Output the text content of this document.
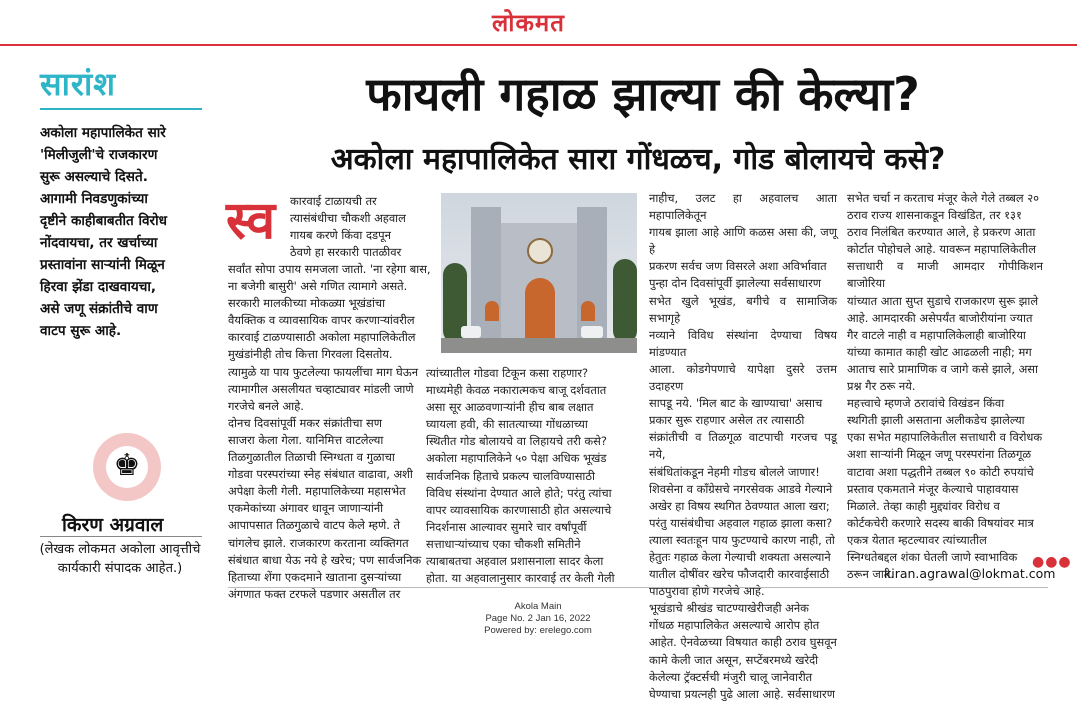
लोकमत
सारांश
अकोला महापालिकेत सारे
'मिलीजुली'चे राजकारण
सुरू असल्याचे दिसते.
आगामी निवडणुकांच्या
दृष्टीने काहीबाबतीत विरोध
नोंदवायचा, तर खर्चाच्या
प्रस्तावांना साऱ्यांनी मिळून
हिरवा झेंडा दाखवायचा,
असे जणू संक्रांतीचे वाण
वाटप सुरू आहे.
♚
किरण अग्रवाल
(लेखक लोकमत अकोला आवृत्तीचे
कार्यकारी संपादक आहेत.)
फायली गहाळ झाल्या की केल्या?
अकोला महापालिकेत सारा गोंधळच, गोड बोलायचे कसे?
स्व कारवाई टाळायची तर
त्यासंबंधीचा चौकशी अहवाल
गायब करणे किंवा दडपून
ठेवणे हा सरकारी पातळीवर
सर्वांत सोपा उपाय समजला जातो. 'ना रहेगा बास,
ना बजेगी बासुरी' असे गणित त्यामागे असते.
सरकारी मालकीच्या मोकळ्या भूखंडांचा
वैयक्तिक व व्यावसायिक वापर करणाऱ्यांवरील
कारवाई टाळण्यासाठी अकोला महापालिकेतील
मुखंडांनीही तोच कित्ता गिरवला दिसतोय.
त्यामुळे या पाय फुटलेल्या फायलींचा माग घेऊन
त्यामागील असलीयत चव्हाट्यावर मांडली जाणे
गरजेचे बनले आहे.
दोनच दिवसांपूर्वी मकर संक्रांतीचा सण
साजरा केला गेला. यानिमित्त वाटलेल्या
तिळगुळातील तिळाची स्निग्धता व गुळाचा
गोडवा परस्परांच्या स्नेह संबंधात वाढावा, अशी
अपेक्षा केली गेली. महापालिकेच्या महासभेत
एकमेकांच्या अंगावर धावून जाणाऱ्यांनी
आपापसात तिळगुळाचे वाटप केले म्हणे. ते
चांगलेच झाले. राजकारण करताना व्यक्तिगत
संबंधात बाधा येऊ नये हे खरेच; पण सार्वजनिक
हिताच्या शेंगा एकदमाने खाताना दुसऱ्यांच्या
अंगणात फक्त टरफले पडणार असतील तर
त्यांच्यातील गोडवा टिकून कसा राहणार?
माध्यमेही केवळ नकारात्मकच बाजू दर्शवतात
असा सूर आळवणाऱ्यांनी हीच बाब लक्षात
घ्यायला हवी, की सातत्याच्या गोंधळाच्या
स्थितीत गोड बोलायचे वा लिहायचे तरी कसे?
अकोला महापालिकेने ५० पेक्षा अधिक भूखंड
सार्वजनिक हिताचे प्रकल्प चालविण्यासाठी
विविध संस्थांना देण्यात आले होते; परंतु त्यांचा
वापर व्यावसायिक कारणासाठी होत असल्याचे
निदर्शनास आल्यावर सुमारे चार वर्षांपूर्वी
सत्ताधाऱ्यांच्याच एका चौकशी समितीने
त्याबाबतचा अहवाल प्रशासनाला सादर केला
होता. या अहवालानुसार कारवाई तर केली गेली
नाहीच, उलट हा अहवालच आता महापालिकेतून
गायब झाला आहे आणि कळस असा की, जणू हे
प्रकरण सर्वच जण विसरले अशा अविर्भावात
पुन्हा दोन दिवसांपूर्वी झालेल्या सर्वसाधारण
सभेत खुले भूखंड, बगीचे व सामाजिक सभागृहे
नव्याने विविध संस्थांना देण्याचा विषय मांडण्यात
आला. कोडगेपणाचे यापेक्षा दुसरे उत्तम उदाहरण
सापडू नये. 'मिल बाट के खाण्याचा' असाच
प्रकार सुरू राहणार असेल तर त्यासाठी
संक्रांतीची व तिळगूळ वाटपाची गरजच पडू नये,
संबंधितांकडून नेहमी गोडच बोलले जाणार!
शिवसेना व काँग्रेसचे नगरसेवक आडवे गेल्याने
अखेर हा विषय स्थगित ठेवण्यात आला खरा;
परंतु यासंबंधीचा अहवाल गहाळ झाला कसा?
त्याला स्वतःहून पाय फुटण्याचे कारण नाही, तो
हेतुतः गहाळ केला गेल्याची शक्यता असल्याने
यातील दोषींवर खरेच फौजदारी कारवाईसाठी
पाठपुरावा होणे गरजेचे आहे.
भूखंडाचे श्रीखंड चाटण्याखेरीजही अनेक
गोंधळ महापालिकेत असल्याचे आरोप होत
आहेत. ऐनवेळच्या विषयात काही ठराव घुसवून
कामे केली जात असून, सप्टेंबरमध्ये खरेदी
केलेल्या ट्रॅक्टर्सची मंजुरी चालू जानेवारीत
घेण्याचा प्रयत्नही पुढे आला आहे. सर्वसाधारण
सभेत चर्चा न करताच मंजूर केले गेले तब्बल २०
ठराव राज्य शासनाकडून विखंडित, तर १३१
ठराव निलंबित करण्यात आले, हे प्रकरण आता
कोर्टात पोहोचले आहे. यावरून महापालिकेतील
सत्ताधारी व माजी आमदार गोपीकिशन बाजोरिया
यांच्यात आता सुप्त सुडाचे राजकारण सुरू झाले
आहे. आमदारकी असेपर्यंत बाजोरीयांना ज्यात
गैर वाटले नाही व महापालिकेलाही बाजोरिया
यांच्या कामात काही खोट आढळली नाही; मग
आताच सारे प्रामाणिक व जागे कसे झाले, असा
प्रश्न गैर ठरू नये.
महत्त्वाचे म्हणजे ठरावांचे विखंडन किंवा
स्थगिती झाली असताना अलीकडेच झालेल्या
एका सभेत महापालिकेतील सत्ताधारी व विरोधक
अशा साऱ्यांनी मिळून जणू परस्परांना तिळगूळ
वाटावा अशा पद्धतीने तब्बल ९० कोटी रुपयांचे
प्रस्ताव एकमताने मंजूर केल्याचे पाहावयास
मिळाले. तेव्हा काही मुद्द्यांवर विरोध व
कोर्टकचेरी करणारे सदस्य बाकी विषयांवर मात्र
एकत्र येतात म्हटल्यावर त्यांच्यातील
स्निग्धतेबद्दल शंका घेतली जाणे स्वाभाविक
ठरून जाते.
●●●
kiran.agrawal@lokmat.com
Akola Main
Page No. 2 Jan 16, 2022
Powered by: erelego.com
